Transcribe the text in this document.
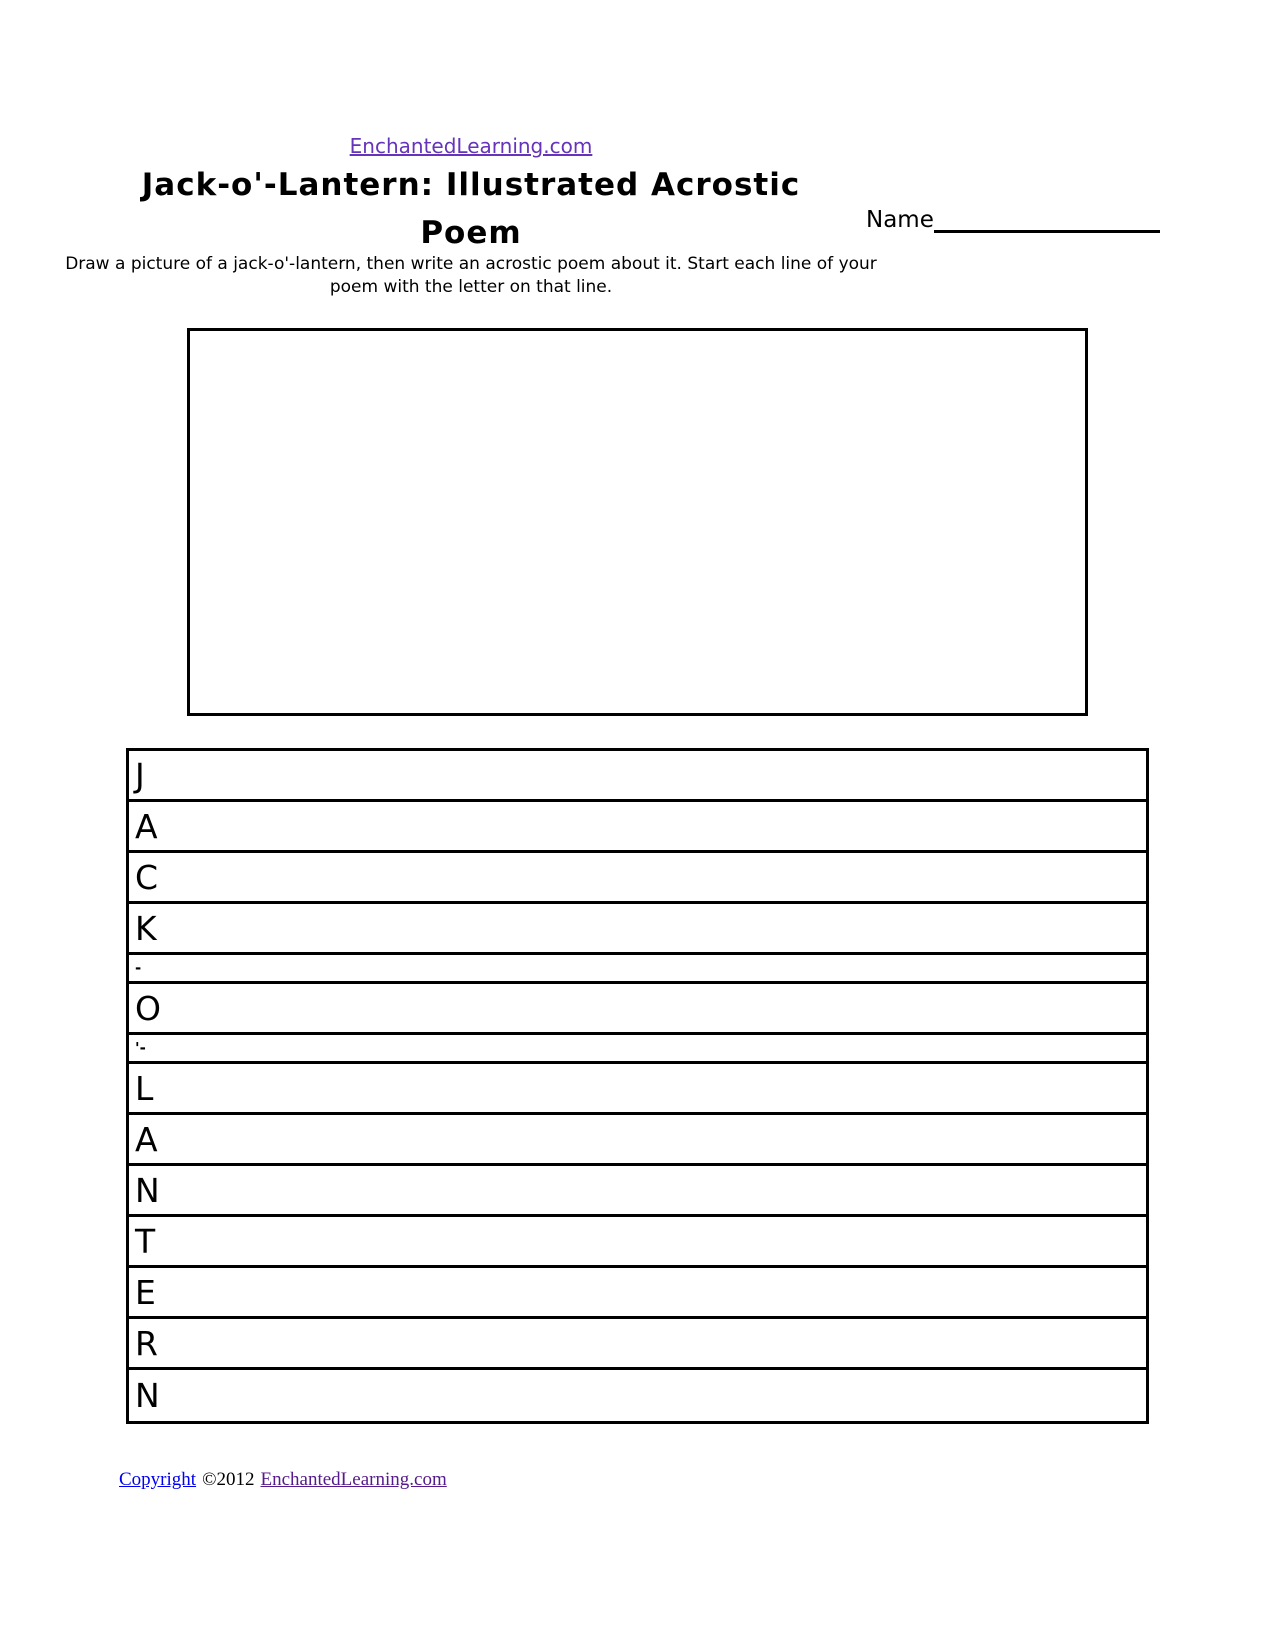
EnchantedLearning.com
Jack-o'-Lantern: Illustrated Acrostic
Poem	Name
Draw a picture of a jack-o'-lantern, then write an acrostic poem about it. Start each line of your
poem with the letter on that line.
J
A
C
K
-
O
'-
L
A
N
T
E
R
N
Copyright ©2012 EnchantedLearning.com
